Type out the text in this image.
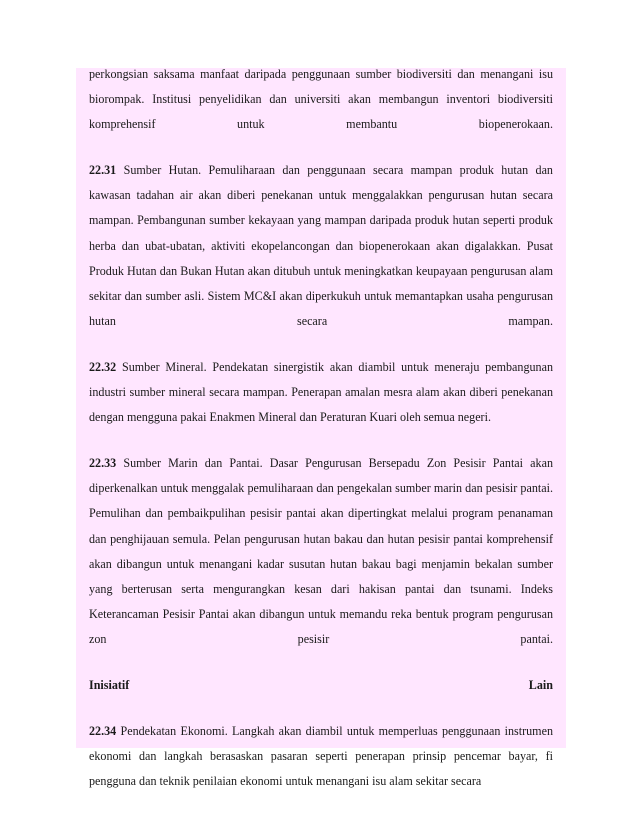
perkongsian saksama manfaat daripada penggunaan sumber biodiversiti dan menangani isu biorompak. Institusi penyelidikan dan universiti akan membangun inventori biodiversiti komprehensif untuk membantu biopenerokaan.

22.31 Sumber Hutan. Pemuliharaan dan penggunaan secara mampan produk hutan dan kawasan tadahan air akan diberi penekanan untuk menggalakkan pengurusan hutan secara mampan. Pembangunan sumber kekayaan yang mampan daripada produk hutan seperti produk herba dan ubat-ubatan, aktiviti ekopelancongan dan biopenerokaan akan digalakkan. Pusat Produk Hutan dan Bukan Hutan akan ditubuh untuk meningkatkan keupayaan pengurusan alam sekitar dan sumber asli. Sistem MC&I akan diperkukuh untuk memantapkan usaha pengurusan hutan secara mampan.

22.32 Sumber Mineral. Pendekatan sinergistik akan diambil untuk meneraju pembangunan industri sumber mineral secara mampan. Penerapan amalan mesra alam akan diberi penekanan dengan mengguna pakai Enakmen Mineral dan Peraturan Kuari oleh semua negeri.

22.33 Sumber Marin dan Pantai. Dasar Pengurusan Bersepadu Zon Pesisir Pantai akan diperkenalkan untuk menggalak pemuliharaan dan pengekalan sumber marin dan pesisir pantai. Pemulihan dan pembaikpulihan pesisir pantai akan dipertingkat melalui program penanaman dan penghijauan semula. Pelan pengurusan hutan bakau dan hutan pesisir pantai komprehensif akan dibangun untuk menangani kadar susutan hutan bakau bagi menjamin bekalan sumber yang berterusan serta mengurangkan kesan dari hakisan pantai dan tsunami. Indeks Keterancaman Pesisir Pantai akan dibangun untuk memandu reka bentuk program pengurusan zon pesisir pantai.

Inisiatif	Lain

22.34 Pendekatan Ekonomi. Langkah akan diambil untuk memperluas penggunaan instrumen ekonomi dan langkah berasaskan pasaran seperti penerapan prinsip pencemar bayar, fi pengguna dan teknik penilaian ekonomi untuk menangani isu alam sekitar secara
